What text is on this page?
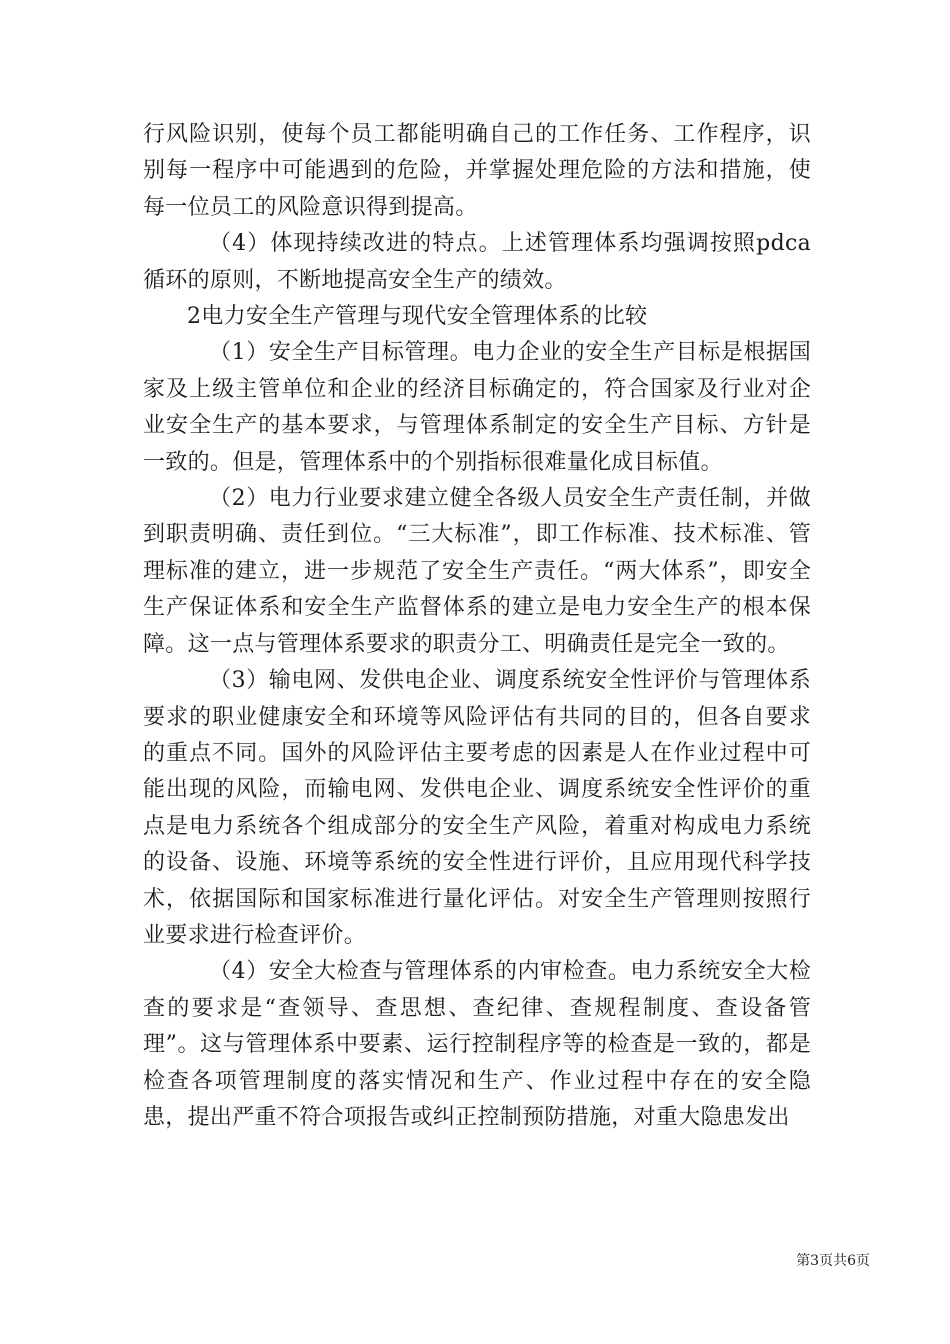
行风险识别，使每个员工都能明确自己的工作任务、工作程序，识别每一程序中可能遇到的危险，并掌握处理危险的方法和措施，使每一位员工的风险意识得到提高。

（4）体现持续改进的特点。上述管理体系均强调按照pdca循环的原则，不断地提高安全生产的绩效。

2电力安全生产管理与现代安全管理体系的比较

（1）安全生产目标管理。电力企业的安全生产目标是根据国家及上级主管单位和企业的经济目标确定的，符合国家及行业对企业安全生产的基本要求，与管理体系制定的安全生产目标、方针是一致的。但是，管理体系中的个别指标很难量化成目标值。

（2）电力行业要求建立健全各级人员安全生产责任制，并做到职责明确、责任到位。“三大标准”，即工作标准、技术标准、管理标准的建立，进一步规范了安全生产责任。“两大体系”，即安全生产保证体系和安全生产监督体系的建立是电力安全生产的根本保障。这一点与管理体系要求的职责分工、明确责任是完全一致的。

（3）输电网、发供电企业、调度系统安全性评价与管理体系要求的职业健康安全和环境等风险评估有共同的目的，但各自要求的重点不同。国外的风险评估主要考虑的因素是人在作业过程中可能出现的风险，而输电网、发供电企业、调度系统安全性评价的重点是电力系统各个组成部分的安全生产风险，着重对构成电力系统的设备、设施、环境等系统的安全性进行评价，且应用现代科学技术，依据国际和国家标准进行量化评估。对安全生产管理则按照行业要求进行检查评价。

（4）安全大检查与管理体系的内审检查。电力系统安全大检查的要求是“查领导、查思想、查纪律、查规程制度、查设备管理”。这与管理体系中要素、运行控制程序等的检查是一致的，都是检查各项管理制度的落实情况和生产、作业过程中存在的安全隐患，提出严重不符合项报告或纠正控制预防措施，对重大隐患发出

第3页共6页
